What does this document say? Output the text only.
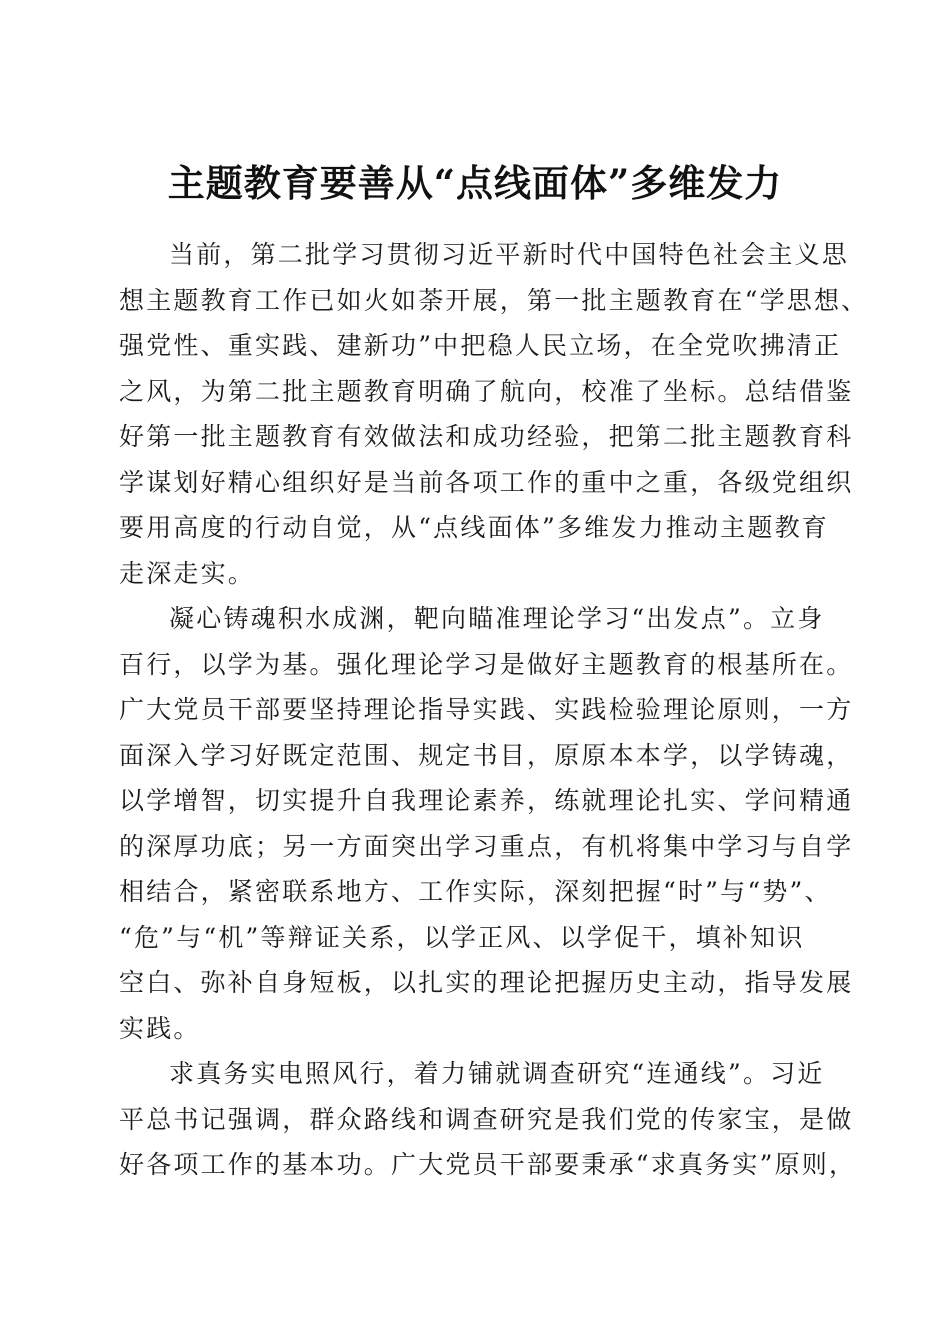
主题教育要善从“点线面体”多维发力
当前，第二批学习贯彻习近平新时代中国特色社会主义思
想主题教育工作已如火如荼开展，第一批主题教育在“学思想、
强党性、重实践、建新功”中把稳人民立场，在全党吹拂清正
之风，为第二批主题教育明确了航向，校准了坐标。总结借鉴
好第一批主题教育有效做法和成功经验，把第二批主题教育科
学谋划好精心组织好是当前各项工作的重中之重，各级党组织
要用高度的行动自觉，从“点线面体”多维发力推动主题教育
走深走实。
凝心铸魂积水成渊，靶向瞄准理论学习“出发点”。立身
百行，以学为基。强化理论学习是做好主题教育的根基所在。
广大党员干部要坚持理论指导实践、实践检验理论原则，一方
面深入学习好既定范围、规定书目，原原本本学，以学铸魂，
以学增智，切实提升自我理论素养，练就理论扎实、学问精通
的深厚功底；另一方面突出学习重点，有机将集中学习与自学
相结合，紧密联系地方、工作实际，深刻把握“时”与“势”、
“危”与“机”等辩证关系，以学正风、以学促干，填补知识
空白、弥补自身短板，以扎实的理论把握历史主动，指导发展
实践。
求真务实电照风行，着力铺就调查研究“连通线”。习近
平总书记强调，群众路线和调查研究是我们党的传家宝，是做
好各项工作的基本功。广大党员干部要秉承“求真务实”原则，
